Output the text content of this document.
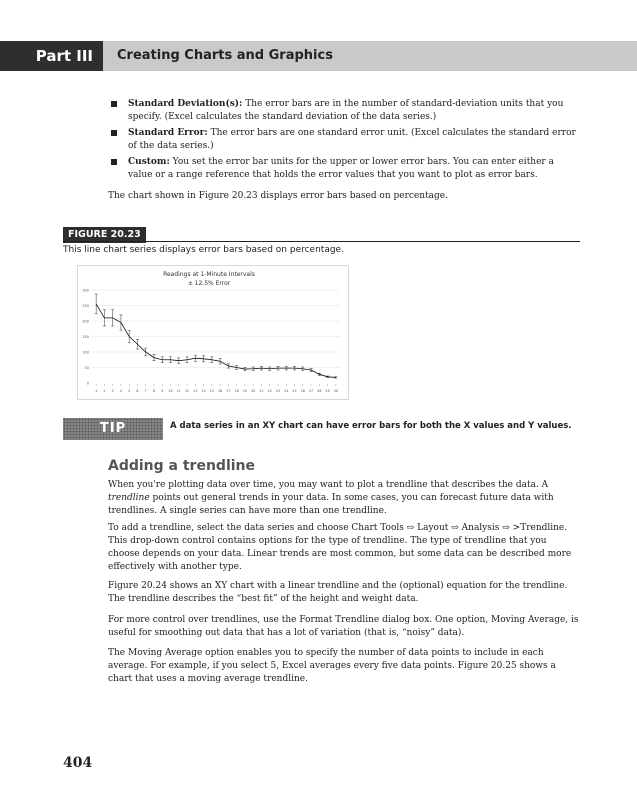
Part III	Creating Charts and Graphics
Standard Deviation(s): The error bars are in the number of standard-deviation units that you specify. (Excel calculates the standard deviation of the data series.)
Standard Error: The error bars are one standard error unit. (Excel calculates the standard error of the data series.)
Custom: You set the error bar units for the upper or lower error bars. You can enter either a value or a range reference that holds the error values that you want to plot as error bars.

The chart shown in Figure 20.23 displays error bars based on percentage.

FIGURE 20.23
This line chart series displays error bars based on percentage.
Readings at 1-Minute Intervals
± 12.5% Error
300
250
200
150
100
50
0
1 2 3 4 5 6 7 8 9 10 11 12 13 14 15 16 17 18 19 20 21 22 23 24 25 26 27 28 29 30
TIP	A data series in an XY chart can have error bars for both the X values and Y values.
Adding a trendline

When you're plotting data over time, you may want to plot a trendline that describes the data. A trendline points out general trends in your data. In some cases, you can forecast future data with trendlines. A single series can have more than one trendline.

To add a trendline, select the data series and choose Chart Tools ⇨ Layout ⇨ Analysis ⇨ >Trendline. This drop-down control contains options for the type of trendline. The type of trendline that you choose depends on your data. Linear trends are most common, but some data can be described more effectively with another type.

Figure 20.24 shows an XY chart with a linear trendline and the (optional) equation for the trendline. The trendline describes the “best fit” of the height and weight data.

For more control over trendlines, use the Format Trendline dialog box. One option, Moving Average, is useful for smoothing out data that has a lot of variation (that is, “noisy” data).

The Moving Average option enables you to specify the number of data points to include in each average. For example, if you select 5, Excel averages every five data points. Figure 20.25 shows a chart that uses a moving average trendline.

404
